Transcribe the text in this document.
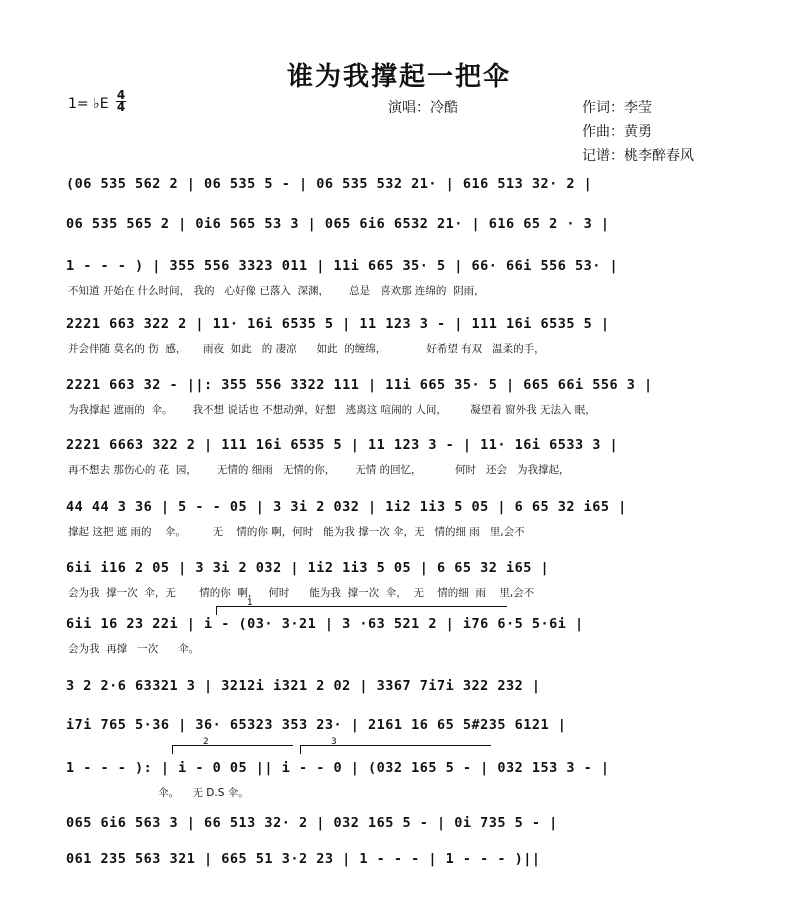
谁为我撑起一把伞
1= ♭E
4
4	演唱：冷酷	作词：李莹
作曲：黄勇
记谱：桃李醉春风
(06 535 562 2 | 06 535 5 - | 06 535 532 21· | 616 513 32· 2 |
06 535 565 2 | 0i6 565 53 3 | 065 6i6 6532 21· | 616 65 2 · 3 |
1 - - - ) | 355 556 3323 011 | 11i 665 35· 5 | 66· 66i 556 53· |
不知道 开始在 什么时间， 我的   心好像 已落入  深渊，      总是   喜欢那 连绵的  阴雨，
2221 663 322 2 | 11· 16i 6535 5 | 11 123 3 - | 111 16i 6535 5 |
并会伴随 莫名的 伤  感，     雨夜  如此   的 凄凉      如此  的缠绵，            好希望 有双   温柔的手，
2221 663 32 - ||: 355 556 3322 111 | 11i 665 35· 5 | 665 66i 556 3 |
为我撑起 遮雨的  伞。      我不想 说话也 不想动弹，好想   逃离这 喧闹的 人间，       凝望着 窗外我 无法入 眠，
2221 6663 322 2 | 111 16i 6535 5 | 11 123 3 - | 11· 16i 6533 3 |
再不想去 那伤心的 花  园，      无情的 细雨   无情的你，      无情 的回忆，          何时   还会   为我撑起，
44 44 3 36 | 5 - - 05 | 3 3i 2 032 | 1i2 1i3 5 05 | 6 65 32 i65 |
撑起 这把 遮 雨的    伞。        无    情的你 啊，何时   能为我 撑一次 伞，无   情的细 雨   里,会不
6ii i16 2 05 | 3 3i 2 032 | 1i2 1i3 5 05 | 6 65 32 i65 |
会为我  撑一次  伞，无       情的你  啊，   何时      能为我  撑一次  伞，  无    情的细  雨    里,会不
6ii 16 23 22i | i - (03· 3·21 | 3 ·63 521 2 | i76 6·5 5·6i |
会为我  再撑   一次      伞。
3 2 2·6 63321 3 | 3212i i321 2 02 | 3367 7i7i 322 232 |
i7i 765 5·36 | 36· 65323 353 23· | 2161 16 65 5#235 6121 |
1 - - - ): | i - 0 05 || i - - 0 | (032 165 5 - | 032 153 3 - |
伞。    无 D.S 伞。
065 6i6 563 3 | 66 513 32· 2 | 032 165 5 - | 0i 735 5 - |
061 235 563 321 | 665 51 3·2 23 | 1 - - - | 1 - - - )||
1
2	3
